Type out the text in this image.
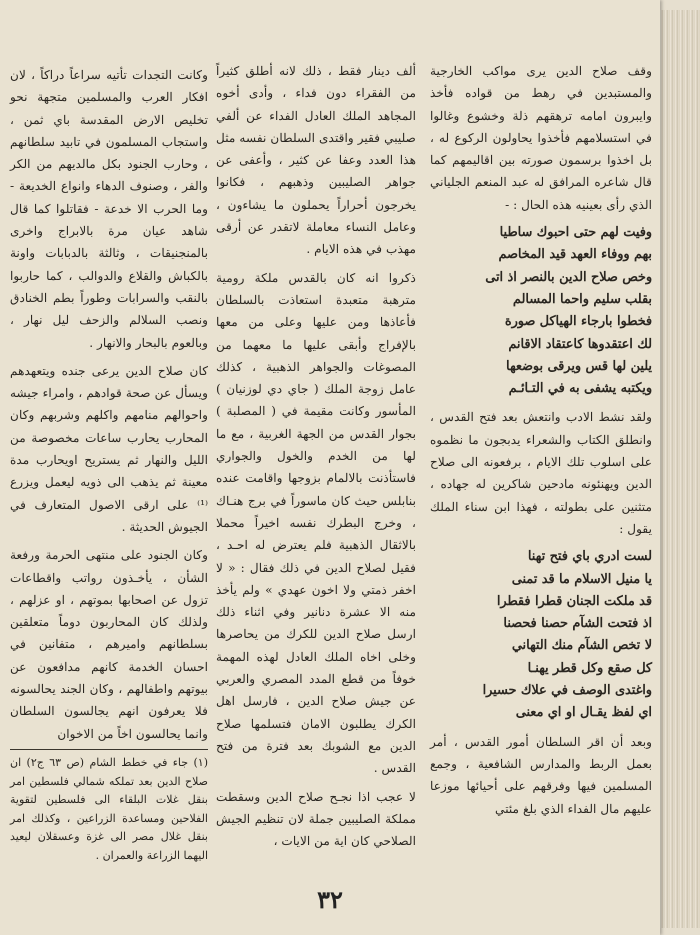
وقف صلاح الدين يرى مواكب الخارجية والمستبدين في رهط من قواده فأخذ وايبرون امامه ترهقهم ذلة وخشوع وغالوا في استسلامهم فأخذوا يحاولون الركوع له ، بل اخذوا برسمون صورته بين اقاليمهم كما قال شاعره المرافق له عبد المنعم الجلياني الذي رأى بعينيه هذه الحال : -

وفيت لهم حتى احبوك ساطيا

بهم ووفاء العهد قيد المخاصم

وخص صلاح الدين بالنصر اذ اتى

بقلب سليم واحما المسالم

فخطوا بارجاء الهياكل صورة

لك اعتقدوها كاعتقاد الاقانم

يلين لها قس ويرقى بوضعها

ويكتبه يشفى به في التـائـم

ولقد نشط الادب وانتعش بعد فتح القدس ، وانطلق الكتاب والشعراء يدبجون ما نظموه على اسلوب تلك الايام ، برفعونه الى صلاح الدين ويهنئونه مادحين شاكرين له جهاده ، متثنين على بطولته ، فهذا ابن سناء الملك يقول :

لست ادري باي فتح تهنا

يا منيل الاسلام ما قد تمنى

قد ملكت الجنان قطرا فقطرا

اذ فتحت الشآم حصنا فحصنا

لا تخص الشآم منك التهاني

كل صقع وكل قطر يهنـا

واغتدى الوصف في علاك حسيرا

اي لفظ يقـال او اي معنى

وبعد أن اقر السلطان أمور القدس ، أمر بعمل الربط والمدارس الشافعية ، وجمع المسلمين فيها وفرقهم على أحيائها موزعا عليهم مال الفداء الذي بلغ مئتي

ألف دينار فقط ، ذلك لانه أطلق كثيراً من الفقراء دون فداء ، وأدى أخوه المجاهد الملك العادل الفداء عن ألفي صليبي فقير واقتدى السلطان نفسه مثل هذا العدد وعفا عن كثير ، وأعفى عن جواهر الصليبين وذهبهم ، فكانوا يخرجون أحراراً يحملون ما يشاءون ، وعامل النساء معاملة لاتقدر عن أرقى مهذب في هذه الايام .

ذكروا انه كان بالقدس ملكة رومية مترهبة متعبدة استعاذت بالسلطان فأعاذها ومن عليها وعلى من معها بالإفراج وأبقى عليها ما معهما من المصوغات والجواهر الذهبية ، كذلك عامل زوجة الملك ( جاي دي لوزنيان ) المأسور وكانت مقيمة في ( المصلبة ) بجوار القدس من الجهة الغربية ، مع ما لها من الخدم والخول والجواري فاستأذنت بالالمام بزوجها واقامت عنده بنابلس حيث كان ماسوراً في برج هنـاك ، وخرج البطرك نفسه اخيراً محملا بالاثقال الذهبية فلم يعترض له احـد ، فقيل لصلاح الدين في ذلك فقال : « لا اخفر ذمتي ولا اخون عهدي » ولم يأخذ منه الا عشرة دنانير وفي اثناء ذلك ارسل صلاح الدين للكرك من يحاصرها وخلى اخاه الملك العادل لهذه المهمة خوفاً من قطع المدد المصري والعربي عن جيش صلاح الدين ، فارسل اهل الكرك يطلبون الامان فتسلمها صلاح الدين مع الشوبك بعد فترة من فتح القدس .

لا عجب اذا نجـح صلاح الدين وسقطت مملكة الصليبين جملة لان تنظيم الجيش الصلاحي كان اية من الايات ،

وكانت التجدات تأتيه سراعاً دراكاً ، لان افكار العرب والمسلمين متجهة نحو تخليص الارض المقدسة باي ثمن ، واستجاب المسلمون في تابيد سلطانهم ، وحارب الجنود بكل مالديهم من الكر والفر ، وصنوف الدهاء وانواع الخديعة - وما الحرب الا خدعة - فقاتلوا كما قال شاهد عيان مرة بالابراج واخرى بالمنجنيقات ، وثالثة بالدبابات واونة بالكباش والقلاع والدوالب ، كما حاربوا بالنقب والسرابات وطوراً بطم الخنادق ونصب السلالم والزحف ليل نهار ، وبالعوم بالبحار والانهار .

كان صلاح الدين يرعى جنده ويتعهدهم ويسأل عن صحة قوادهم ، وامراء جيشه واحوالهم منامهم واكلهم وشربهم وكان المحارب يحارب ساعات مخصوصة من الليل والنهار ثم يستريح اويحارب مدة معينة ثم يذهب الى ذويه ليعمل ويزرع ⁽¹⁾ على ارقى الاصول المتعارف في الجيوش الحديثة .

وكان الجنود على منتهى الحرمة ورفعة الشأن ، يأخـذون رواتب واقطاعات تزول عن اصحابها بموتهم ، او عزلهم ، ولذلك كان المحاربون دوماً متعلقين بسلطانهم واميرهم ، متفانين في احسان الخدمة كانهم مدافعون عن بيوتهم واطفالهم ، وكان الجند يحالسونه فلا يعرفون انهم يجالسون السلطان وانما يحالسون اخاً من الاخوان

(١) جاء في خطط الشام (ص ٦٣ ج٢) ان صلاح الدين بعد تملكه شمالي فلسطين امر بنقل غلات البلقاء الى فلسطين لتقوية الفلاحين ومساعدة الزراعين ، وكذلك امر بنقل غلال مصر الى غزة وعسقلان ليعيد اليهما الزراعة والعمران .

٣٢
